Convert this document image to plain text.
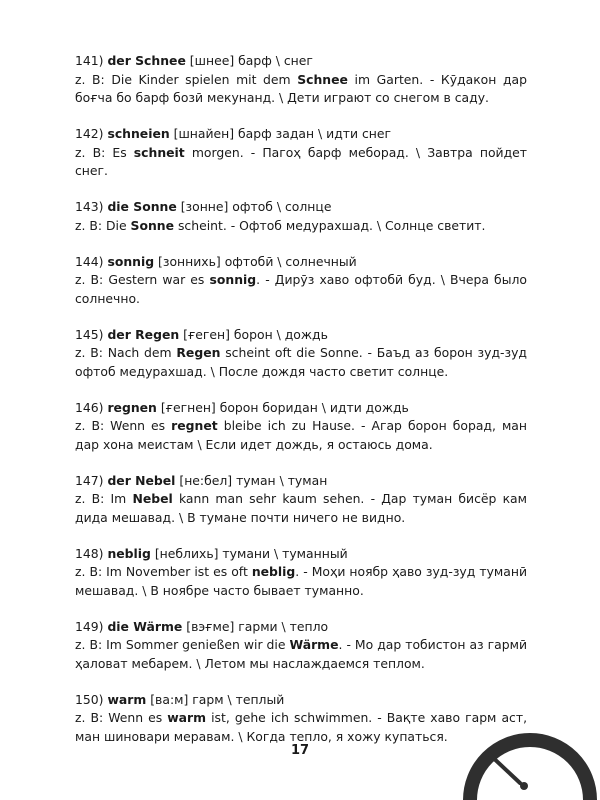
141) der Schnee [шнее] барф \ снег

z. B: Die Kinder spielen mit dem Schnee im Garten. - Кӯдакон дар боғча бо барф бозӣ мекунанд. \ Дети играют со снегом в саду.

142) schneien [шнайен] барф задан \ идти снег

z. B: Es schneit morgen. - Пагоҳ барф меборад. \ Завтра пойдет снег.

143) die Sonne [зонне] офтоб \ солнце

z. B: Die Sonne scheint. - Офтоб медурахшад. \ Солнце светит.

144) sonnig [зоннихь] офтобӣ \ солнечный

z. B: Gestern war es sonnig. - Дирӯз хаво офтобӣ буд. \ Вчера было солнечно.

145) der Regen [ғеген] борон \ дождь

z. B: Nach dem Regen scheint oft die Sonne. - Баъд аз борон зуд-зуд офтоб медурахшад. \ После дождя часто светит солнце.

146) regnen [ғегнен] борон боридан \ идти дождь

z. B: Wenn es regnet bleibe ich zu Hause. - Агар борон борад, ман дар хона меистам \ Если идет дождь, я остаюсь дома.

147) der Nebel [не:бел] туман \ туман

z. B: Im Nebel kann man sehr kaum sehen. - Дар туман бисёр кам дида мешавад. \ В тумане почти ничего не видно.

148) neblig [неблихь] тумани \ туманный

z. B: Im November ist es oft neblig. - Моҳи ноябр ҳаво зуд-зуд туманӣ мешавад. \ В ноябре часто бывает туманно.

149) die Wärme [вэғме] гарми \ тепло

z. B: Im Sommer genießen wir die Wärme. - Мо дар тобистон аз гармӣ ҳаловат мебарем. \ Летом мы наслаждаемся теплом.

150) warm [ва:м] гарм \ теплый

z. B: Wenn es warm ist, gehe ich schwimmen. - Вақте хаво гарм аст, ман шиновари меравам. \ Когда тепло, я хожу купаться.

17
